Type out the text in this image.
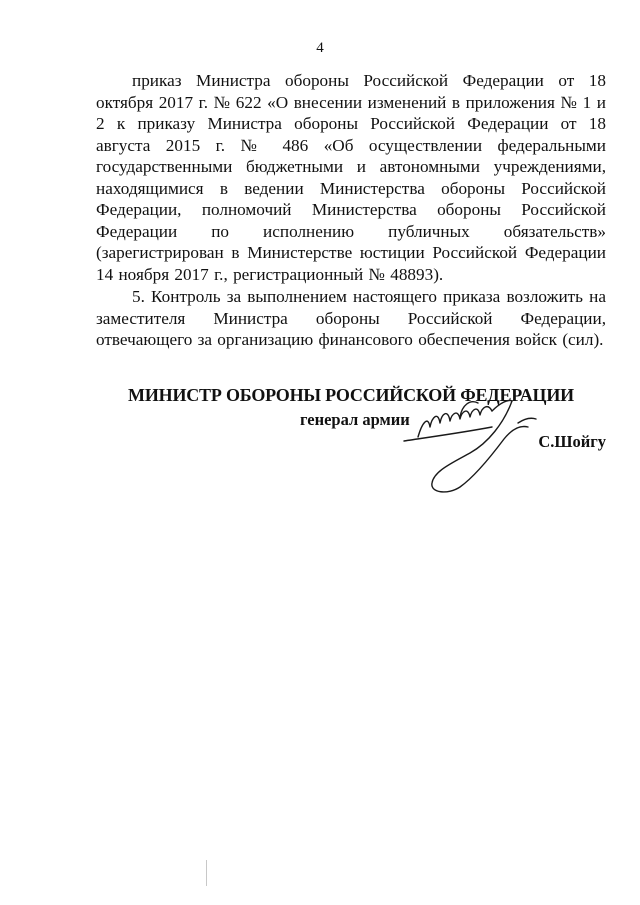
4

приказ Министра обороны Российской Федерации от 18 октября 2017 г. № 622 «О внесении изменений в приложения № 1 и 2 к приказу Министра обороны Российской Федерации от 18 августа 2015 г. № 486 «Об осуществлении федеральными государственными бюджетными и автономными учреждениями, находящимися в ведении Министерства обороны Российской Федерации, полномочий Министерства обороны Российской Федерации по исполнению публичных обязательств» (зарегистрирован в Министерстве юстиции Российской Федерации 14 ноября 2017 г., регистрационный № 48893).

5. Контроль за выполнением настоящего приказа возложить на заместителя Министра обороны Российской Федерации, отвечающего за организацию финансового обеспечения войск (сил).

МИНИСТР ОБОРОНЫ РОССИЙСКОЙ ФЕДЕРАЦИИ
генерал армии
С.Шойгу
